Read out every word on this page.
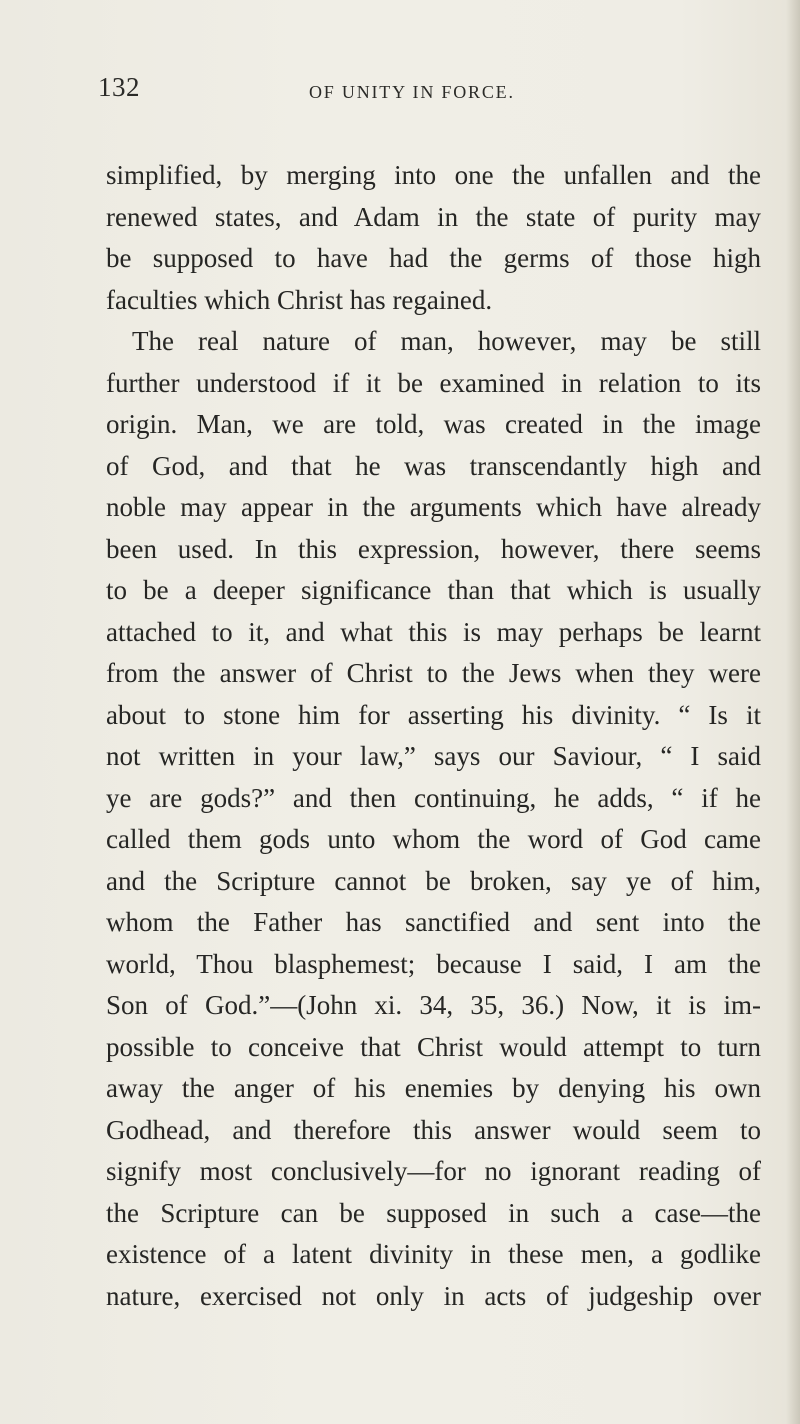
132	OF UNITY IN FORCE.
simplified, by merging into one the unfallen and the
renewed states, and Adam in the state of purity may
be supposed to have had the germs of those high
faculties which Christ has regained.
The real nature of man, however, may be still
further understood if it be examined in relation to its
origin. Man, we are told, was created in the image
of God, and that he was transcendantly high and
noble may appear in the arguments which have already
been used. In this expression, however, there seems
to be a deeper significance than that which is usually
attached to it, and what this is may perhaps be learnt
from the answer of Christ to the Jews when they were
about to stone him for asserting his divinity. “ Is it
not written in your law,” says our Saviour, “ I said
ye are gods?” and then continuing, he adds, “ if he
called them gods unto whom the word of God came
and the Scripture cannot be broken, say ye of him,
whom the Father has sanctified and sent into the
world, Thou blasphemest; because I said, I am the
Son of God.”—(John xi. 34, 35, 36.) Now, it is im-
possible to conceive that Christ would attempt to turn
away the anger of his enemies by denying his own
Godhead, and therefore this answer would seem to
signify most conclusively—for no ignorant reading of
the Scripture can be supposed in such a case—the
existence of a latent divinity in these men, a godlike
nature, exercised not only in acts of judgeship over
